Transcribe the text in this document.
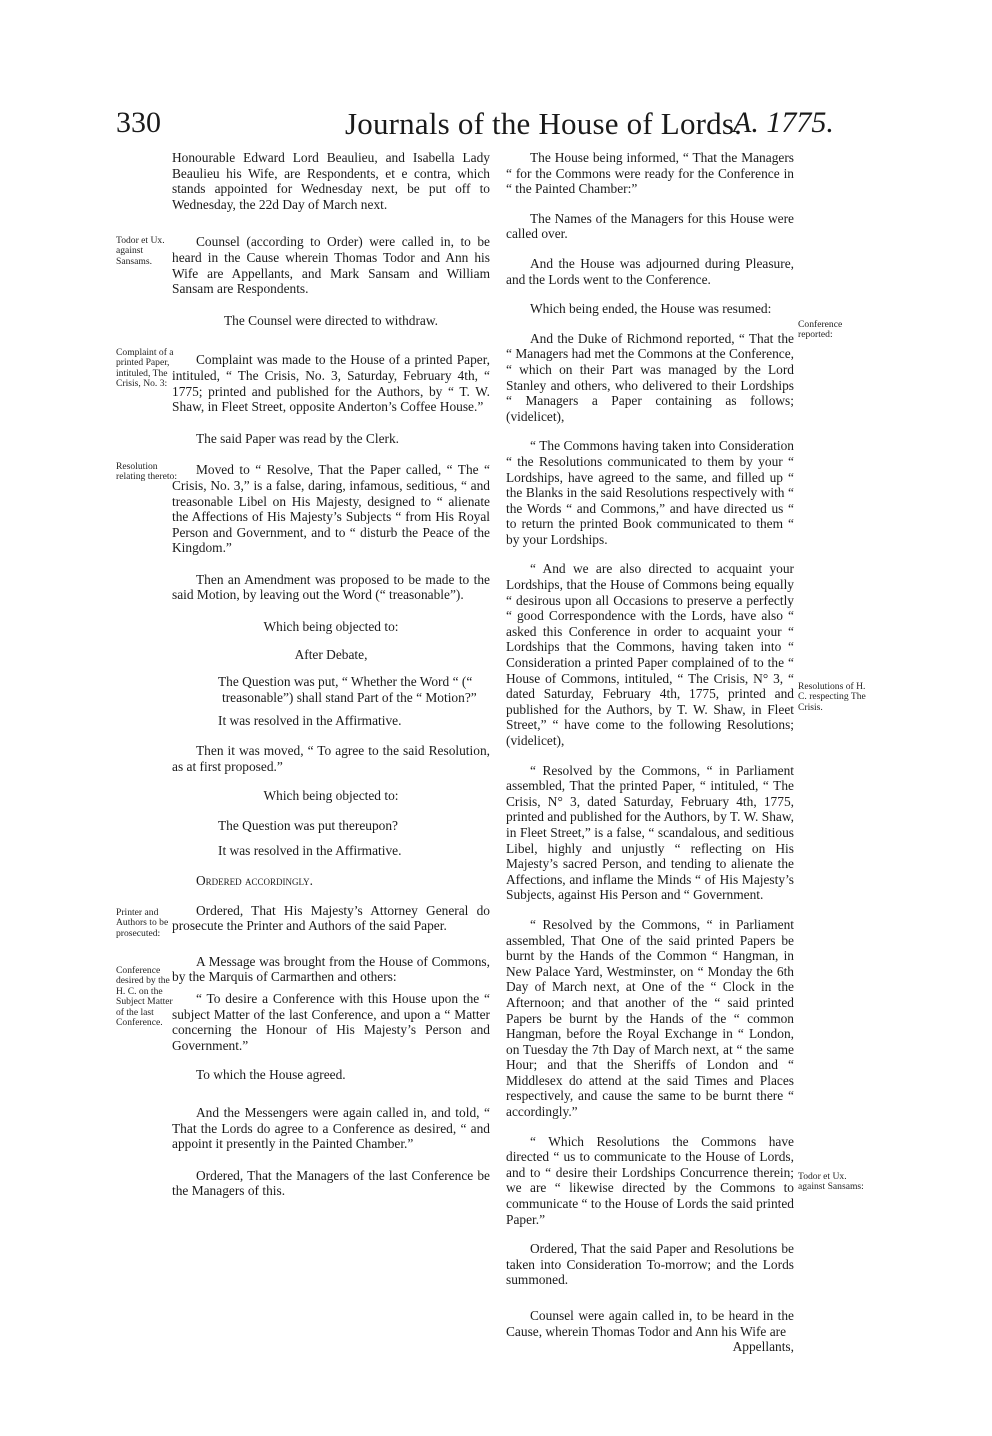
330	Journals of the House of Lords.
A. 1775.
Todor et Ux. against Sansams.
Complaint of a printed Paper, intituled, The Crisis, No. 3:
Resolution relating thereto:
Printer and Authors to be prosecuted:
Conference desired by the H. C. on the Subject Matter of the last Conference.
Conference reported:
Resolutions of H. C. respecting The Crisis.
Todor et Ux. against Sansams:

Honourable Edward Lord Beaulieu, and Isabella Lady Beaulieu his Wife, are Respondents, et e contra, which stands appointed for Wednesday next, be put off to Wednesday, the 22d Day of March next.

Counsel (according to Order) were called in, to be heard in the Cause wherein Thomas Todor and Ann his Wife are Appellants, and Mark Sansam and William Sansam are Respondents.

The Counsel were directed to withdraw.

Complaint was made to the House of a printed Paper, intituled, “ The Crisis, No. 3, Saturday, February 4th, “ 1775; printed and published for the Authors, by “ T. W. Shaw, in Fleet Street, opposite Anderton’s Coffee House.”

The said Paper was read by the Clerk.

Moved to “ Resolve, That the Paper called, “ The “ Crisis, No. 3,” is a false, daring, infamous, seditious, “ and treasonable Libel on His Majesty, designed to “ alienate the Affections of His Majesty’s Subjects “ from His Royal Person and Government, and to “ disturb the Peace of the Kingdom.”

Then an Amendment was proposed to be made to the said Motion, by leaving out the Word (“ treasonable”).

Which being objected to:

After Debate,

The Question was put, “ Whether the Word “ (“ treasonable”) shall stand Part of the “ Motion?”

It was resolved in the Affirmative.

Then it was moved, “ To agree to the said Resolution, as at first proposed.”

Which being objected to:

The Question was put thereupon?

It was resolved in the Affirmative.

Ordered accordingly.

Ordered, That His Majesty’s Attorney General do prosecute the Printer and Authors of the said Paper.

A Message was brought from the House of Commons, by the Marquis of Carmarthen and others:

“ To desire a Conference with this House upon the “ subject Matter of the last Conference, and upon a “ Matter concerning the Honour of His Majesty’s Person and Government.”

To which the House agreed.

And the Messengers were again called in, and told, “ That the Lords do agree to a Conference as desired, “ and appoint it presently in the Painted Chamber.”

Ordered, That the Managers of the last Conference be the Managers of this.

The House being informed, “ That the Managers “ for the Commons were ready for the Conference in “ the Painted Chamber:”

The Names of the Managers for this House were called over.

And the House was adjourned during Pleasure, and the Lords went to the Conference.

Which being ended, the House was resumed:

And the Duke of Richmond reported, “ That the “ Managers had met the Commons at the Conference, “ which on their Part was managed by the Lord Stanley and others, who delivered to their Lordships “ Managers a Paper containing as follows; (videlicet),

“ The Commons having taken into Consideration “ the Resolutions communicated to them by your “ Lordships, have agreed to the same, and filled up “ the Blanks in the said Resolutions respectively with “ the Words “ and Commons,” and have directed us “ to return the printed Book communicated to them “ by your Lordships.

“ And we are also directed to acquaint your Lordships, that the House of Commons being equally “ desirous upon all Occasions to preserve a perfectly “ good Correspondence with the Lords, have also “ asked this Conference in order to acquaint your “ Lordships that the Commons, having taken into “ Consideration a printed Paper complained of to the “ House of Commons, intituled, “ The Crisis, N° 3, “ dated Saturday, February 4th, 1775, printed and published for the Authors, by T. W. Shaw, in Fleet Street,” “ have come to the following Resolutions; (videlicet),

“ Resolved by the Commons, “ in Parliament assembled, That the printed Paper, “ intituled, “ The Crisis, N° 3, dated Saturday, February 4th, 1775, printed and published for the Authors, by T. W. Shaw, in Fleet Street,” is a false, “ scandalous, and seditious Libel, highly and unjustly “ reflecting on His Majesty’s sacred Person, and tending to alienate the Affections, and inflame the Minds “ of His Majesty’s Subjects, against His Person and “ Government.

“ Resolved by the Commons, “ in Parliament assembled, That One of the said printed Papers be burnt by the Hands of the Common “ Hangman, in New Palace Yard, Westminster, on “ Monday the 6th Day of March next, at One of the “ Clock in the Afternoon; and that another of the “ said printed Papers be burnt by the Hands of the “ common Hangman, before the Royal Exchange in “ London, on Tuesday the 7th Day of March next, at “ the same Hour; and that the Sheriffs of London and “ Middlesex do attend at the said Times and Places respectively, and cause the same to be burnt there “ accordingly.”

“ Which Resolutions the Commons have directed “ us to communicate to the House of Lords, and to “ desire their Lordships Concurrence therein; we are “ likewise directed by the Commons to communicate “ to the House of Lords the said printed Paper.”

Ordered, That the said Paper and Resolutions be taken into Consideration To-morrow; and the Lords summoned.

Counsel were again called in, to be heard in the Cause, wherein Thomas Todor and Ann his Wife are

Appellants,
